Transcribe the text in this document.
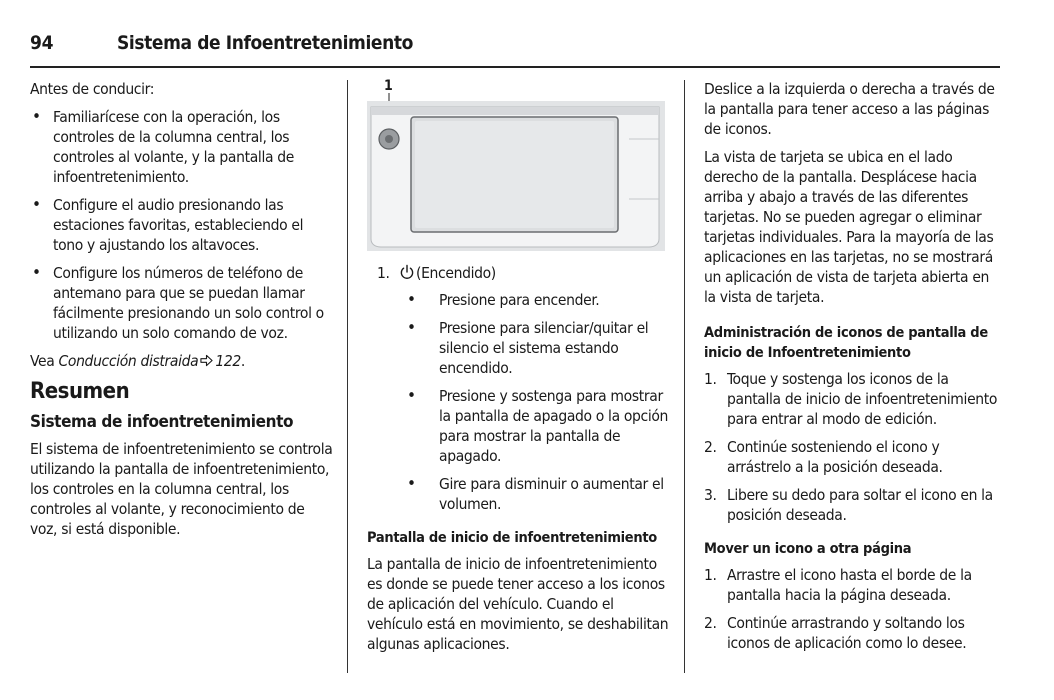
94	Sistema de Infoentretenimiento

Antes de conducir:

• Familiarícese con la operación, los controles de la columna central, los controles al volante, y la pantalla de infoentretenimiento.
• Configure el audio presionando las estaciones favoritas, estableciendo el tono y ajustando los altavoces.
• Configure los números de teléfono de antemano para que se puedan llamar fácilmente presionando un solo control o utilizando un solo comando de voz.

Vea Conducción distraida 122.

Resumen
Sistema de infoentretenimiento

El sistema de infoentretenimiento se controla utilizando la pantalla de infoentretenimiento, los controles en la columna central, los controles al volante, y reconocimiento de voz, si está disponible.

1
1. (Encendido)
• Presione para encender.
• Presione para silenciar/quitar el silencio el sistema estando encendido.
• Presione y sostenga para mostrar la pantalla de apagado o la opción para mostrar la pantalla de apagado.
• Gire para disminuir o aumentar el volumen.
Pantalla de inicio de infoentretenimiento

La pantalla de inicio de infoentretenimiento es donde se puede tener acceso a los iconos de aplicación del vehículo. Cuando el vehículo está en movimiento, se deshabilitan algunas aplicaciones.

Deslice a la izquierda o derecha a través de la pantalla para tener acceso a las páginas de iconos.

La vista de tarjeta se ubica en el lado derecho de la pantalla. Desplácese hacia arriba y abajo a través de las diferentes tarjetas. No se pueden agregar o eliminar tarjetas individuales. Para la mayoría de las aplicaciones en las tarjetas, no se mostrará un aplicación de vista de tarjeta abierta en la vista de tarjeta.

Administración de iconos de pantalla de inicio de Infoentretenimiento
1. Toque y sostenga los iconos de la pantalla de inicio de infoentretenimiento para entrar al modo de edición.
2. Continúe sosteniendo el icono y arrástrelo a la posición deseada.
3. Libere su dedo para soltar el icono en la posición deseada.
Mover un icono a otra página
1. Arrastre el icono hasta el borde de la pantalla hacia la página deseada.
2. Continúe arrastrando y soltando los iconos de aplicación como lo desee.
